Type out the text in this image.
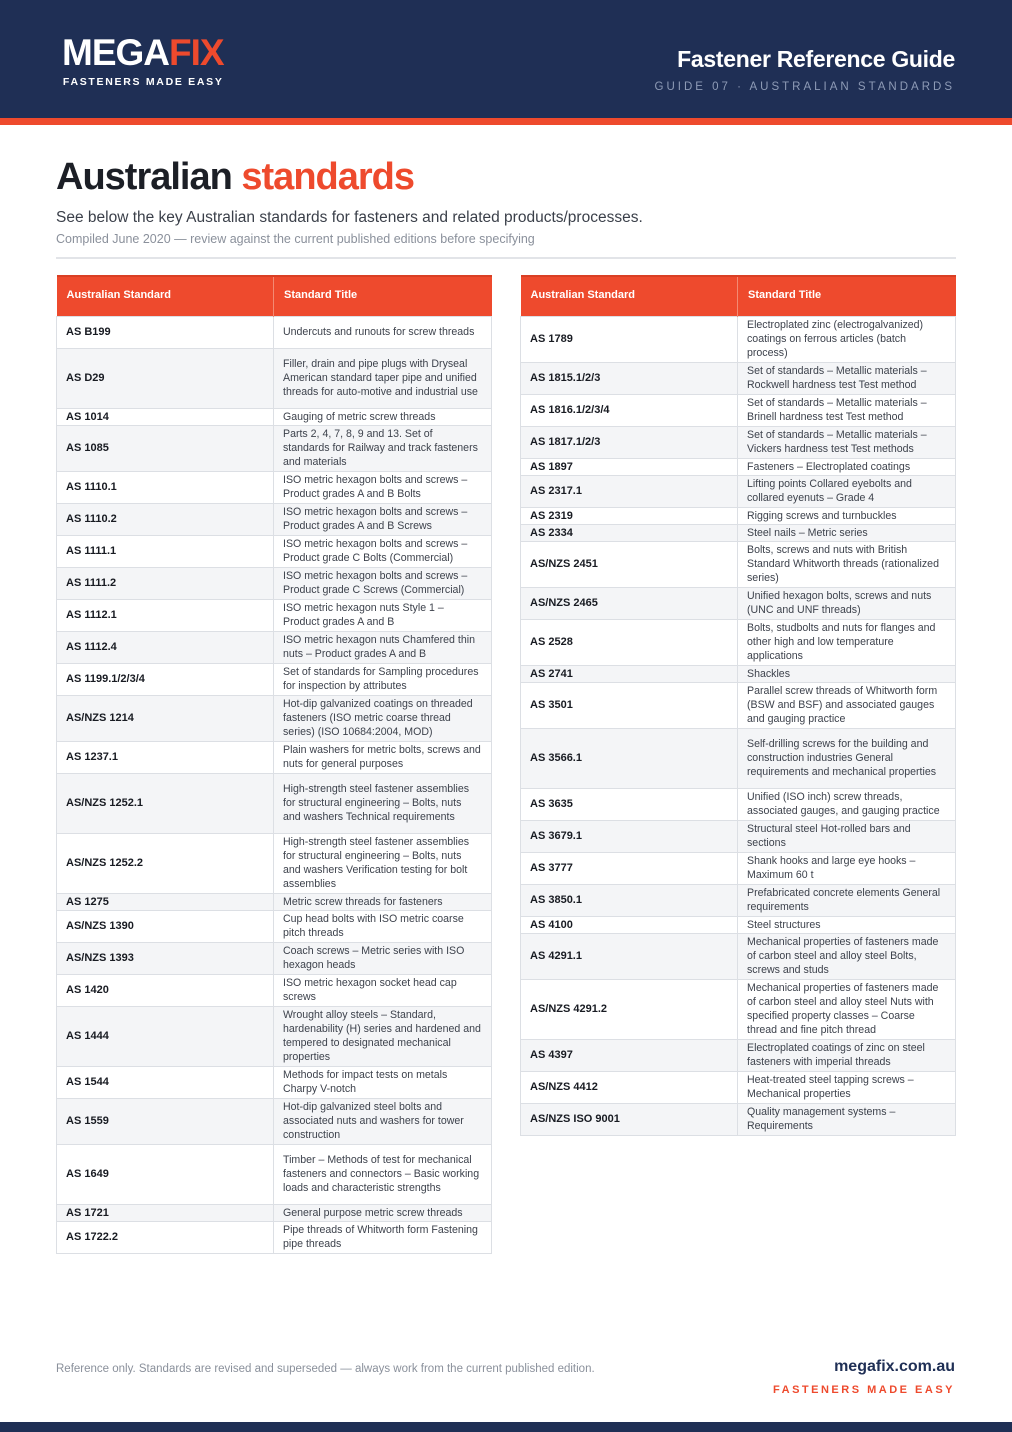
MEGAFIX
FASTENERS MADE EASY
Fastener Reference Guide
GUIDE 07 · AUSTRALIAN STANDARDS
Australian standards

See below the key Australian standards for fasteners and related products/processes.

Compiled June 2020 — review against the current published editions before specifying

Australian Standard	Standard Title
AS B199	Undercuts and runouts for screw threads
AS D29	Filler, drain and pipe plugs with Dryseal American standard taper pipe and unified threads for auto-motive and industrial use
AS 1014	Gauging of metric screw threads
AS 1085	Parts 2, 4, 7, 8, 9 and 13. Set of standards for Railway and track fasteners and materials
AS 1110.1	ISO metric hexagon bolts and screws – Product grades A and B Bolts
AS 1110.2	ISO metric hexagon bolts and screws – Product grades A and B Screws
AS 1111.1	ISO metric hexagon bolts and screws – Product grade C Bolts (Commercial)
AS 1111.2	ISO metric hexagon bolts and screws – Product grade C Screws (Commercial)
AS 1112.1	ISO metric hexagon nuts Style 1 – Product grades A and B
AS 1112.4	ISO metric hexagon nuts Chamfered thin nuts – Product grades A and B
AS 1199.1/2/3/4	Set of standards for Sampling procedures for inspection by attributes
AS/NZS 1214	Hot-dip galvanized coatings on threaded fasteners (ISO metric coarse thread series) (ISO 10684:2004, MOD)
AS 1237.1	Plain washers for metric bolts, screws and nuts for general purposes
AS/NZS 1252.1	High-strength steel fastener assemblies for structural engineering – Bolts, nuts and washers Technical requirements
AS/NZS 1252.2	High-strength steel fastener assemblies for structural engineering – Bolts, nuts and washers Verification testing for bolt assemblies
AS 1275	Metric screw threads for fasteners
AS/NZS 1390	Cup head bolts with ISO metric coarse pitch threads
AS/NZS 1393	Coach screws – Metric series with ISO hexagon heads
AS 1420	ISO metric hexagon socket head cap screws
AS 1444	Wrought alloy steels – Standard, hardenability (H) series and hardened and tempered to designated mechanical properties
AS 1544	Methods for impact tests on metals Charpy V-notch
AS 1559	Hot-dip galvanized steel bolts and associated nuts and washers for tower construction
AS 1649	Timber – Methods of test for mechanical fasteners and connectors – Basic working loads and characteristic strengths
AS 1721	General purpose metric screw threads
AS 1722.2	Pipe threads of Whitworth form Fastening pipe threads
Australian Standard	Standard Title
AS 1789	Electroplated zinc (electrogalvanized) coatings on ferrous articles (batch process)
AS 1815.1/2/3	Set of standards – Metallic materials – Rockwell hardness test Test method
AS 1816.1/2/3/4	Set of standards – Metallic materials – Brinell hardness test Test method
AS 1817.1/2/3	Set of standards – Metallic materials – Vickers hardness test Test methods
AS 1897	Fasteners – Electroplated coatings
AS 2317.1	Lifting points Collared eyebolts and collared eyenuts – Grade 4
AS 2319	Rigging screws and turnbuckles
AS 2334	Steel nails – Metric series
AS/NZS 2451	Bolts, screws and nuts with British Standard Whitworth threads (rationalized series)
AS/NZS 2465	Unified hexagon bolts, screws and nuts (UNC and UNF threads)
AS 2528	Bolts, studbolts and nuts for flanges and other high and low temperature applications
AS 2741	Shackles
AS 3501	Parallel screw threads of Whitworth form (BSW and BSF) and associated gauges and gauging practice
AS 3566.1	Self-drilling screws for the building and construction industries General requirements and mechanical properties
AS 3635	Unified (ISO inch) screw threads, associated gauges, and gauging practice
AS 3679.1	Structural steel Hot-rolled bars and sections
AS 3777	Shank hooks and large eye hooks – Maximum 60 t
AS 3850.1	Prefabricated concrete elements General requirements
AS 4100	Steel structures
AS 4291.1	Mechanical properties of fasteners made of carbon steel and alloy steel Bolts, screws and studs
AS/NZS 4291.2	Mechanical properties of fasteners made of carbon steel and alloy steel Nuts with specified property classes – Coarse thread and fine pitch thread
AS 4397	Electroplated coatings of zinc on steel fasteners with imperial threads
AS/NZS 4412	Heat-treated steel tapping screws – Mechanical properties
AS/NZS ISO 9001	Quality management systems – Requirements

Reference only. Standards are revised and superseded — always work from the current published edition.	megafix.com.au
FASTENERS MADE EASY
